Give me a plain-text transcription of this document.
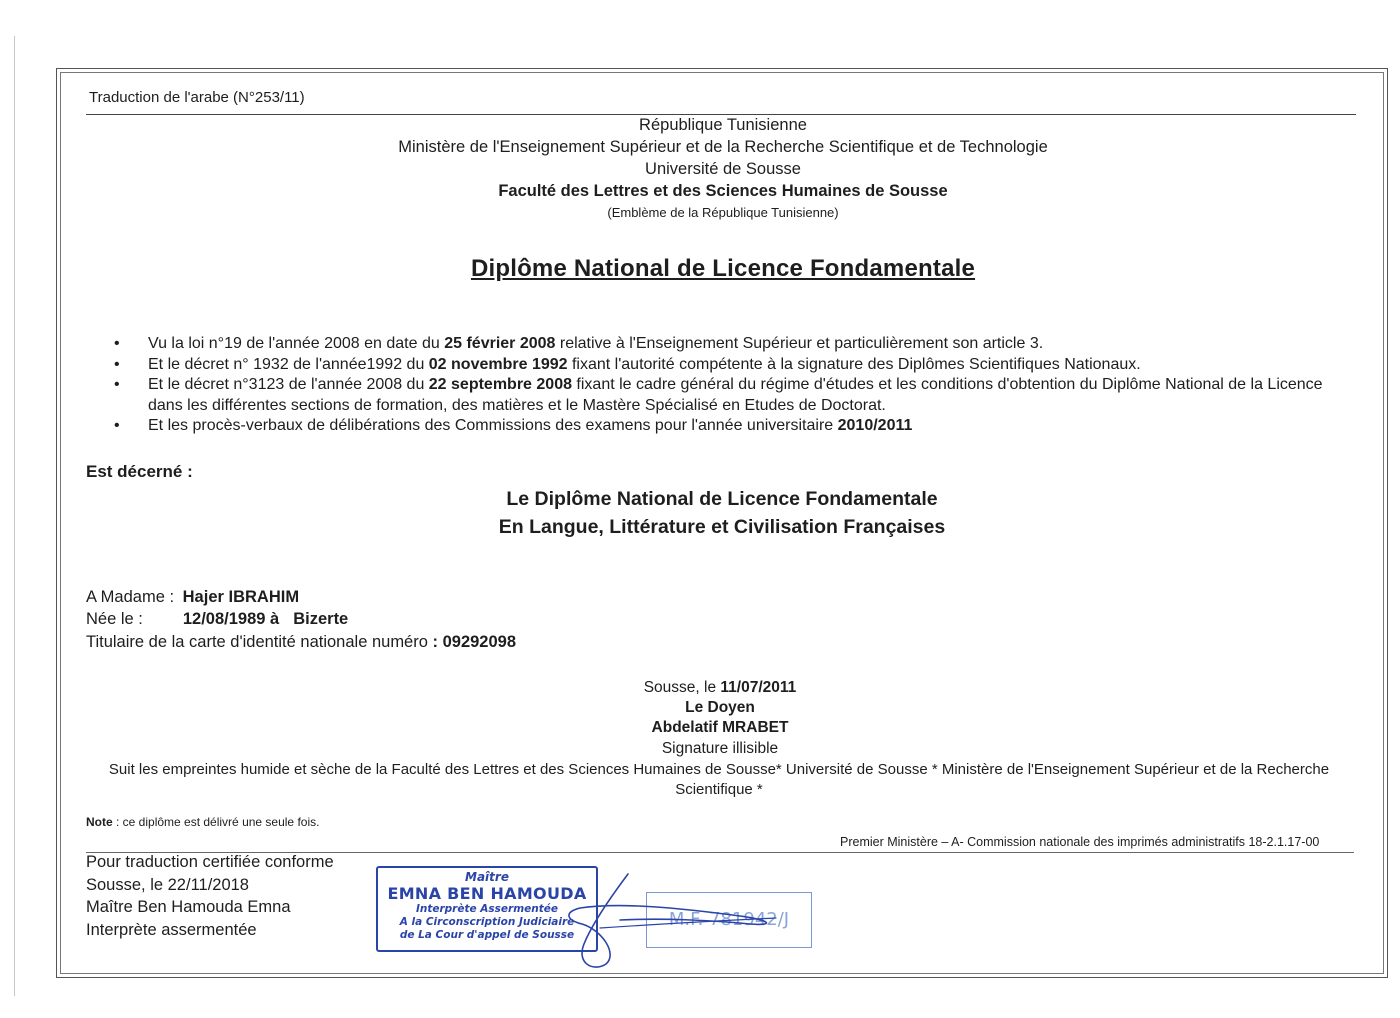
Traduction de l'arabe (N°253/11)
République Tunisienne
Ministère de l'Enseignement Supérieur et de la Recherche Scientifique et de Technologie
Université de Sousse
Faculté des Lettres et des Sciences Humaines de Sousse
(Emblème de la République Tunisienne)
Diplôme National de Licence Fondamentale
• Vu la loi n°19 de l'année 2008 en date du 25 février 2008 relative à l'Enseignement Supérieur et particulièrement son article 3.
• Et le décret n° 1932 de l'année1992 du 02 novembre 1992 fixant l'autorité compétente à la signature des Diplômes Scientifiques Nationaux.
• Et le décret n°3123 de l'année 2008 du 22 septembre 2008 fixant le cadre général du régime d'études et les conditions d'obtention du Diplôme National de la Licence dans les différentes sections de formation, des matières et le Mastère Spécialisé en Etudes de Doctorat.
• Et les procès-verbaux de délibérations des Commissions des examens pour l'année universitaire 2010/2011
Est décerné :
Le Diplôme National de Licence Fondamentale
En Langue, Littérature et Civilisation Françaises
A Madame : Hajer IBRAHIM
Née le : 12/08/1989 à Bizerte
Titulaire de la carte d'identité nationale numéro : 09292098
Sousse, le 11/07/2011
Le Doyen
Abdelatif MRABET
Signature illisible
Suit les empreintes humide et sèche de la Faculté des Lettres et des Sciences Humaines de Sousse* Université de Sousse * Ministère de l'Enseignement Supérieur et de la Recherche Scientifique *
Note : ce diplôme est délivré une seule fois.
Premier Ministère – A- Commission nationale des imprimés administratifs 18-2.1.17-00
Pour traduction certifiée conforme
Sousse, le 22/11/2018
Maître Ben Hamouda Emna
Interprète assermentée
Maître
EMNA BEN HAMOUDA
Interprète Assermentée
A la Circonscription Judiciaire
de La Cour d'appel de Sousse
M.F. 781942/J
